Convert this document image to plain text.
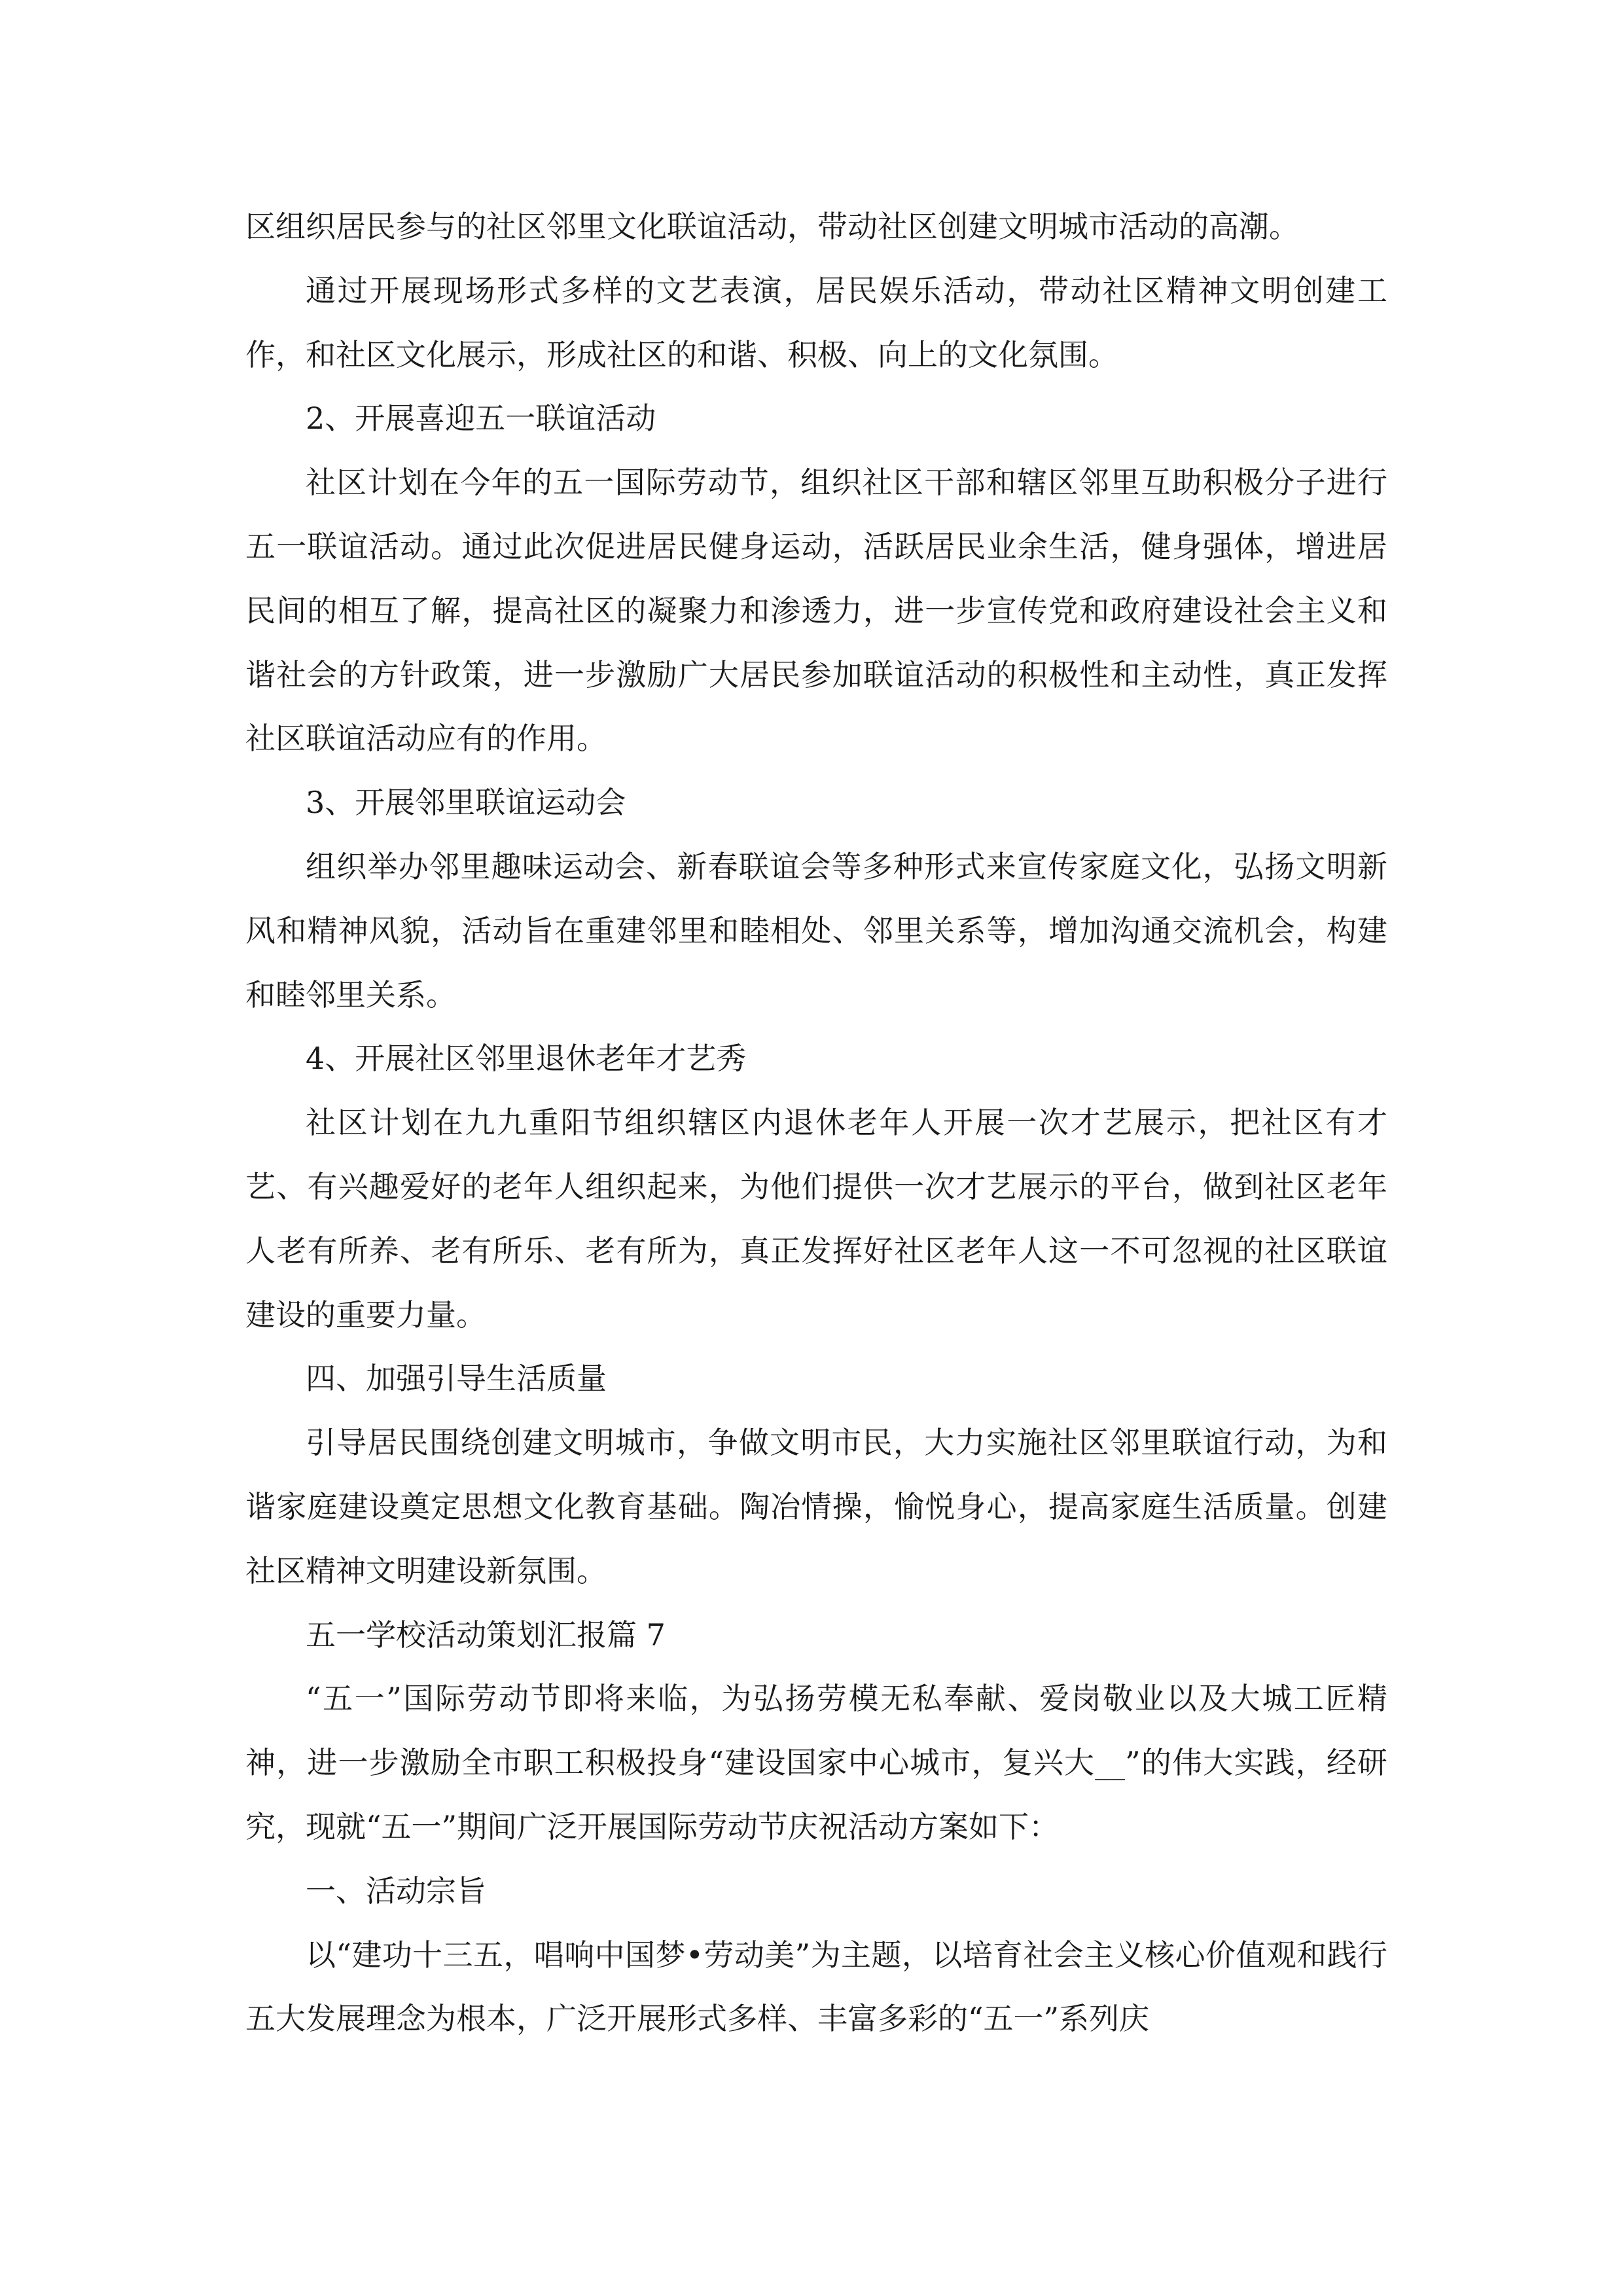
区组织居民参与的社区邻里文化联谊活动，带动社区创建文明城市活动的高潮。

通过开展现场形式多样的文艺表演，居民娱乐活动，带动社区精神文明创建工作，和社区文化展示，形成社区的和谐、积极、向上的文化氛围。

2、开展喜迎五一联谊活动

社区计划在今年的五一国际劳动节，组织社区干部和辖区邻里互助积极分子进行五一联谊活动。通过此次促进居民健身运动，活跃居民业余生活，健身强体，增进居民间的相互了解，提高社区的凝聚力和渗透力，进一步宣传党和政府建设社会主义和谐社会的方针政策，进一步激励广大居民参加联谊活动的积极性和主动性，真正发挥社区联谊活动应有的作用。

3、开展邻里联谊运动会

组织举办邻里趣味运动会、新春联谊会等多种形式来宣传家庭文化，弘扬文明新风和精神风貌，活动旨在重建邻里和睦相处、邻里关系等，增加沟通交流机会，构建和睦邻里关系。

4、开展社区邻里退休老年才艺秀

社区计划在九九重阳节组织辖区内退休老年人开展一次才艺展示，把社区有才艺、有兴趣爱好的老年人组织起来，为他们提供一次才艺展示的平台，做到社区老年人老有所养、老有所乐、老有所为，真正发挥好社区老年人这一不可忽视的社区联谊建设的重要力量。

四、加强引导生活质量

引导居民围绕创建文明城市，争做文明市民，大力实施社区邻里联谊行动，为和谐家庭建设奠定思想文化教育基础。陶冶情操，愉悦身心，提高家庭生活质量。创建社区精神文明建设新氛围。

五一学校活动策划汇报篇 7

“五一”国际劳动节即将来临，为弘扬劳模无私奉献、爱岗敬业以及大城工匠精神，进一步激励全市职工积极投身“建设国家中心城市，复兴大__”的伟大实践，经研究，现就“五一”期间广泛开展国际劳动节庆祝活动方案如下：

一、活动宗旨

以“建功十三五，唱响中国梦•劳动美”为主题，以培育社会主义核心价值观和践行五大发展理念为根本，广泛开展形式多样、丰富多彩的“五一”系列庆
